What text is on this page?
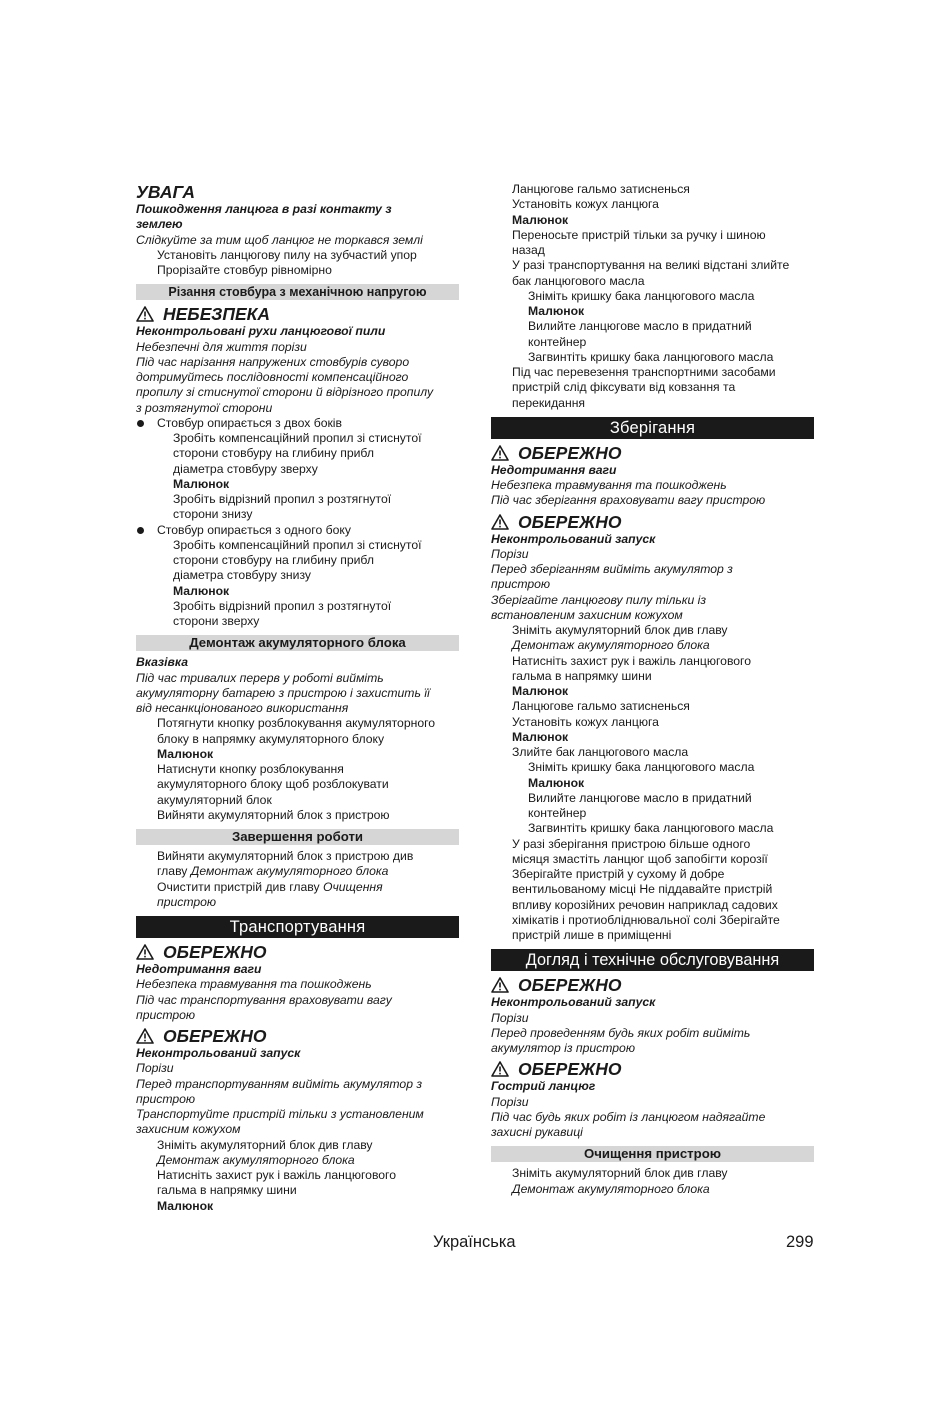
УВАГА
Пошкодження ланцюга в разі контакту з
землею
Слідкуйте за тим щоб ланцюг не торкався землі
Установіть ланцюгову пилу на зубчастий упор
Прорізайте стовбур рівномірно
Різання стовбура з механічною напругою
НЕБЕЗПЕКА
Неконтрольовані рухи ланцюгової пили
Небезпечні для життя порізи
Під час нарізання напружених стовбурів суворо
дотримуйтесь послідовності компенсаційного
пропилу зі стиснутої сторони й відрізного пропилу
з розтягнутої сторони
Стовбур опирається з двох боків
Зробіть компенсаційний пропил зі стиснутої
сторони стовбуру на глибину прибл
діаметра стовбуру зверху
Малюнок
Зробіть відрізний пропил з розтягнутої
сторони знизу
Стовбур опирається з одного боку
Зробіть компенсаційний пропил зі стиснутої
сторони стовбуру на глибину прибл
діаметра стовбуру знизу
Малюнок
Зробіть відрізний пропил з розтягнутої
сторони зверху
Демонтаж акумуляторного блока
Вказівка
Під час тривалих перерв у роботі вийміть
акумуляторну батарею з пристрою і захистить її
від несанкціонованого використання
Потягнути кнопку розблокування акумуляторного
блоку в напрямку акумуляторного блоку
Малюнок
Натиснути кнопку розблокування
акумуляторного блоку щоб розблокувати
акумуляторний блок
Вийняти акумуляторний блок з пристрою
Завершення роботи
Вийняти акумуляторний блок з пристрою див
главу Демонтаж акумуляторного блока
Очистити пристрій див главу Очищення
пристрою
Транспортування
ОБЕРЕЖНО
Недотримання ваги
Небезпека травмування та пошкоджень
Під час транспортування враховувати вагу
пристрою
ОБЕРЕЖНО
Неконтрольований запуск
Порізи
Перед транспортуванням вийміть акумулятор з
пристрою
Транспортуйте пристрій тільки з установленим
захисним кожухом
Зніміть акумуляторний блок див главу
Демонтаж акумуляторного блока
Натисніть захист рук і важіль ланцюгового
гальма в напрямку шини
Малюнок
Ланцюгове гальмо затисненься
Установіть кожух ланцюга
Малюнок
Переносьте пристрій тільки за ручку і шиною
назад
У разі транспортування на великі відстані злийте
бак ланцюгового масла
Зніміть кришку бака ланцюгового масла
Малюнок
Вилийте ланцюгове масло в придатний
контейнер
Загвинтіть кришку бака ланцюгового масла
Під час перевезення транспортними засобами
пристрій слід фіксувати від ковзання та
перекидання
Зберігання
ОБЕРЕЖНО
Недотримання ваги
Небезпека травмування та пошкоджень
Під час зберігання враховувати вагу пристрою
ОБЕРЕЖНО
Неконтрольований запуск
Порізи
Перед зберіганням вийміть акумулятор з
пристрою
Зберігайте ланцюгову пилу тільки із
встановленим захисним кожухом
Зніміть акумуляторний блок див главу
Демонтаж акумуляторного блока
Натисніть захист рук і важіль ланцюгового
гальма в напрямку шини
Малюнок
Ланцюгове гальмо затисненься
Установіть кожух ланцюга
Малюнок
Злийте бак ланцюгового масла
Зніміть кришку бака ланцюгового масла
Малюнок
Вилийте ланцюгове масло в придатний
контейнер
Загвинтіть кришку бака ланцюгового масла
У разі зберігання пристрою більше одного
місяця змастіть ланцюг щоб запобігти корозії
Зберігайте пристрій у сухому й добре
вентильованому місці Не піддавайте пристрій
впливу корозійних речовин наприклад садових
хімікатів і протиобліднювальної солі Зберігайте
пристрій лише в приміщенні
Догляд і технічне обслуговування
ОБЕРЕЖНО
Неконтрольований запуск
Порізи
Перед проведенням будь яких робіт вийміть
акумулятор із пристрою
ОБЕРЕЖНО
Гострий ланцюг
Порізи
Під час будь яких робіт із ланцюгом надягайте
захисні рукавиці
Очищення пристрою
Зніміть акумуляторний блок див главу
Демонтаж акумуляторного блока
Українська	299
